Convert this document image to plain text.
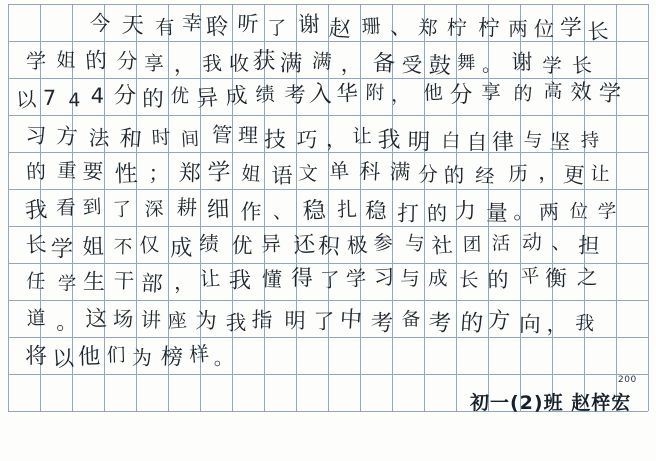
今 天 有 幸 聆 听 了 谢 赵 珊 、 郑 柠 柠 两 位 学 长
学 姐 的 分 享 ， 我 收 获 满 满 ， 备 受 鼓 舞 。 谢 学 长
以 7 4 4 分 的 优 异 成 绩 考 入 华 附 ， 他 分 享 的 高 效 学
习 方 法 和 时 间 管 理 技 巧 ， 让 我 明 白 自 律 与 坚 持
的 重 要 性 ； 郑 学 姐 语 文 单 科 满 分 的 经 历 ， 更 让
我 看 到 了 深 耕 细 作 、 稳 扎 稳 打 的 力 量 。 两 位 学
长 学 姐 不 仅 成 绩 优 异 还积 极 参 与 社 团 活 动 、 担
任 学 生 干 部 ， 让 我 懂 得 了 学 习 与 成 长 的 平 衡 之
道 。 这 场 讲 座 为 我 指 明 了 中 考 备 考 的 方 向 ， 我
将 以 他 们 为 榜 样 。
初一(2)班 赵梓宏
200
